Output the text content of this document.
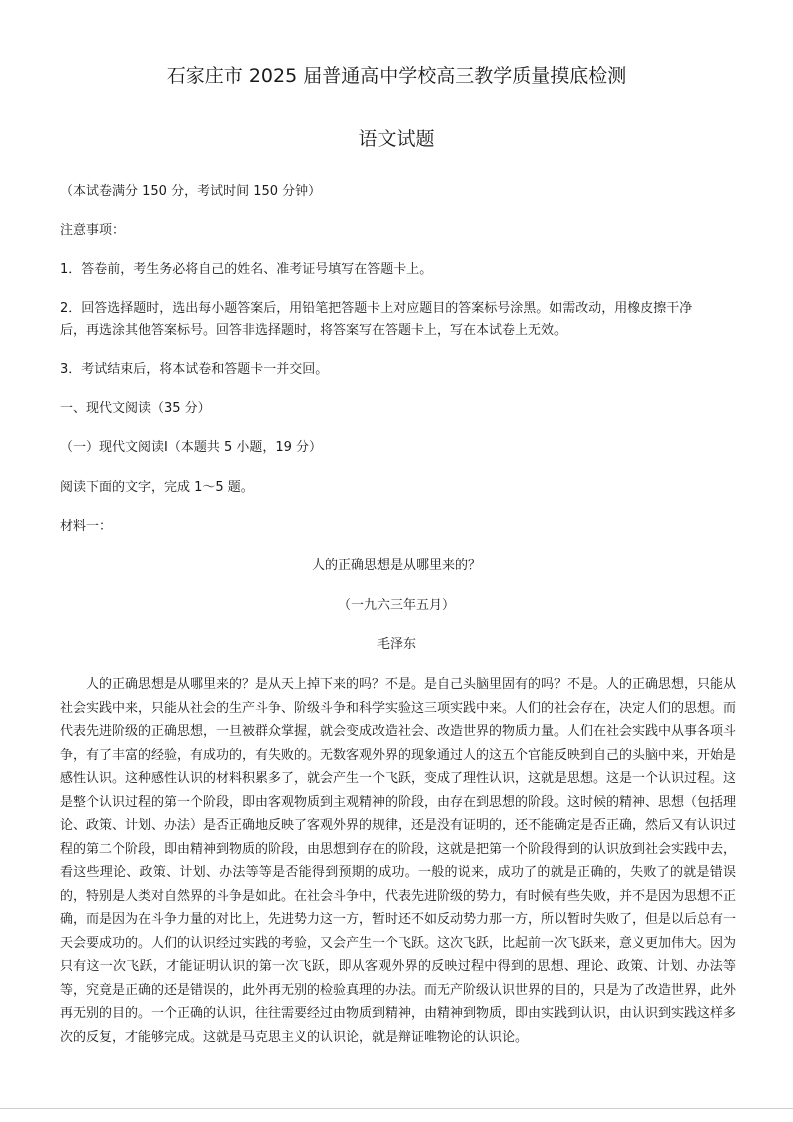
石家庄市 2025 届普通高中学校高三教学质量摸底检测
语文试题
（本试卷满分 150 分，考试时间 150 分钟）
注意事项：
1．答卷前，考生务必将自己的姓名、准考证号填写在答题卡上。
2．回答选择题时，选出每小题答案后，用铅笔把答题卡上对应题目的答案标号涂黑。如需改动，用橡皮擦干净
后，再选涂其他答案标号。回答非选择题时，将答案写在答题卡上，写在本试卷上无效。
3．考试结束后，将本试卷和答题卡一并交回。
一、现代文阅读（35 分）
（一）现代文阅读Ⅰ（本题共 5 小题，19 分）
阅读下面的文字，完成 1～5 题。
材料一：
人的正确思想是从哪里来的？
（一九六三年五月）
毛泽东
人的正确思想是从哪里来的？是从天上掉下来的吗？不是。是自己头脑里固有的吗？不是。人的正确思想，只能从社会实践中来，只能从社会的生产斗争、阶级斗争和科学实验这三项实践中来。人们的社会存在，决定人们的思想。而代表先进阶级的正确思想，一旦被群众掌握，就会变成改造社会、改造世界的物质力量。人们在社会实践中从事各项斗争，有了丰富的经验，有成功的，有失败的。无数客观外界的现象通过人的这五个官能反映到自己的头脑中来，开始是感性认识。这种感性认识的材料积累多了，就会产生一个飞跃，变成了理性认识，这就是思想。这是一个认识过程。这是整个认识过程的第一个阶段，即由客观物质到主观精神的阶段，由存在到思想的阶段。这时候的精神、思想（包括理论、政策、计划、办法）是否正确地反映了客观外界的规律，还是没有证明的，还不能确定是否正确，然后又有认识过程的第二个阶段，即由精神到物质的阶段，由思想到存在的阶段，这就是把第一个阶段得到的认识放到社会实践中去，看这些理论、政策、计划、办法等等是否能得到预期的成功。一般的说来，成功了的就是正确的，失败了的就是错误的，特别是人类对自然界的斗争是如此。在社会斗争中，代表先进阶级的势力，有时候有些失败，并不是因为思想不正确，而是因为在斗争力量的对比上，先进势力这一方，暂时还不如反动势力那一方，所以暂时失败了，但是以后总有一天会要成功的。人们的认识经过实践的考验，又会产生一个飞跃。这次飞跃，比起前一次飞跃来，意义更加伟大。因为只有这一次飞跃，才能证明认识的第一次飞跃，即从客观外界的反映过程中得到的思想、理论、政策、计划、办法等等，究竟是正确的还是错误的，此外再无别的检验真理的办法。而无产阶级认识世界的目的，只是为了改造世界，此外再无别的目的。一个正确的认识，往往需要经过由物质到精神，由精神到物质，即由实践到认识，由认识到实践这样多次的反复，才能够完成。这就是马克思主义的认识论，就是辩证唯物论的认识论。
